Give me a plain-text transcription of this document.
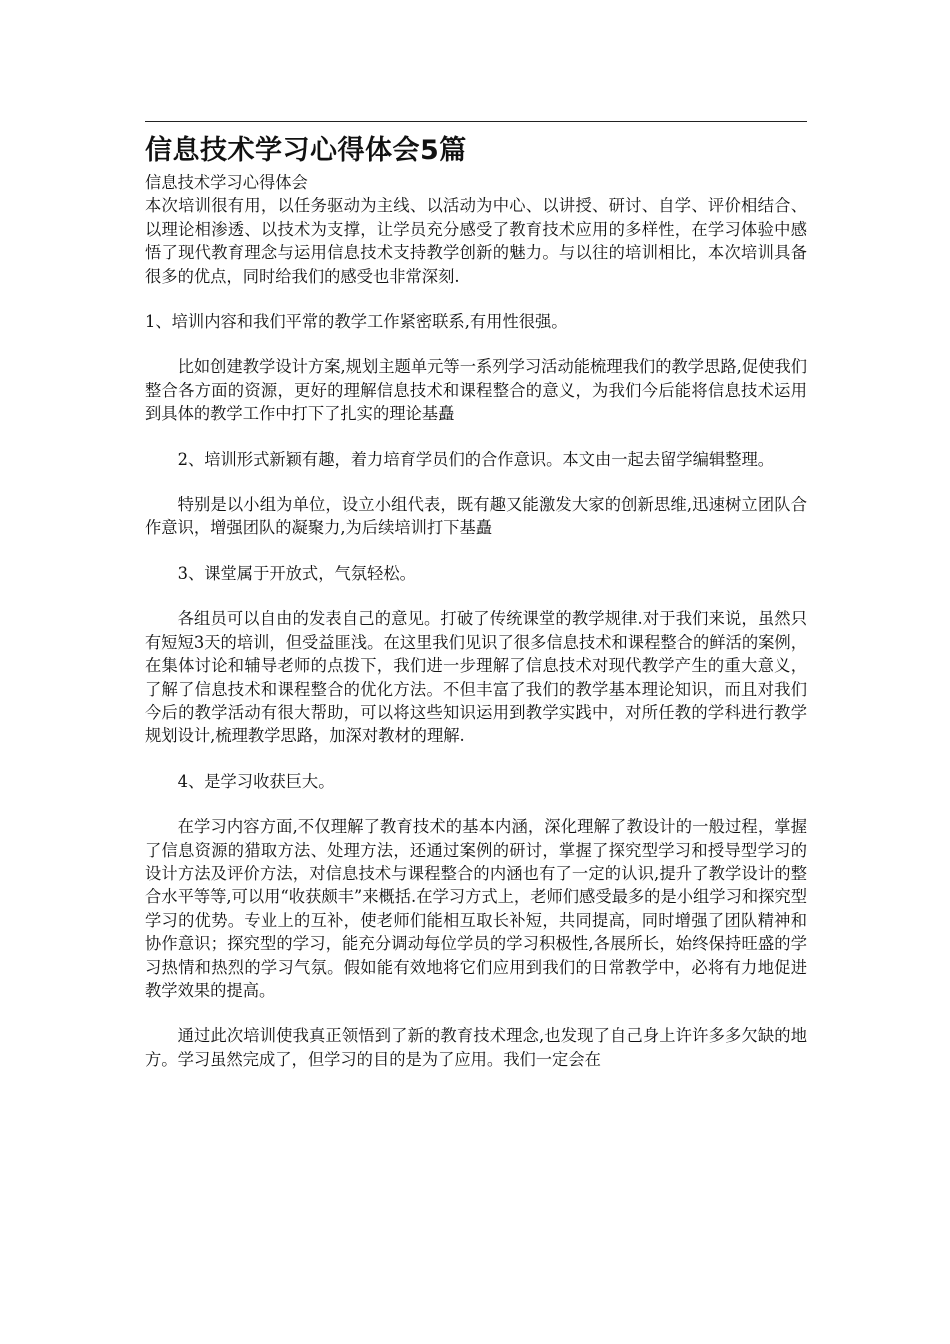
信息技术学习心得体会5篇

信息技术学习心得体会

本次培训很有用，以任务驱动为主线、以活动为中心、以讲授、研讨、自学、评价相结合、以理论相渗透、以技术为支撑，让学员充分感受了教育技术应用的多样性，在学习体验中感悟了现代教育理念与运用信息技术支持教学创新的魅力。与以往的培训相比，本次培训具备很多的优点，同时给我们的感受也非常深刻.

1、培训内容和我们平常的教学工作紧密联系,有用性很强。

比如创建教学设计方案,规划主题单元等一系列学习活动能梳理我们的教学思路,促使我们整合各方面的资源，更好的理解信息技术和课程整合的意义，为我们今后能将信息技术运用到具体的教学工作中打下了扎实的理论基矗

2、培训形式新颖有趣，着力培育学员们的合作意识。本文由一起去留学编辑整理。

特别是以小组为单位，设立小组代表，既有趣又能激发大家的创新思维,迅速树立团队合作意识，增强团队的凝聚力,为后续培训打下基矗

3、课堂属于开放式，气氛轻松。

各组员可以自由的发表自己的意见。打破了传统课堂的教学规律.对于我们来说，虽然只有短短3天的培训，但受益匪浅。在这里我们见识了很多信息技术和课程整合的鲜活的案例，在集体讨论和辅导老师的点拨下，我们进一步理解了信息技术对现代教学产生的重大意义，了解了信息技术和课程整合的优化方法。不但丰富了我们的教学基本理论知识，而且对我们今后的教学活动有很大帮助，可以将这些知识运用到教学实践中，对所任教的学科进行教学规划设计,梳理教学思路，加深对教材的理解.

4、是学习收获巨大。

在学习内容方面,不仅理解了教育技术的基本内涵，深化理解了教设计的一般过程，掌握了信息资源的猎取方法、处理方法，还通过案例的研讨，掌握了探究型学习和授导型学习的设计方法及评价方法，对信息技术与课程整合的内涵也有了一定的认识,提升了教学设计的整合水平等等,可以用“收获颇丰”来概括.在学习方式上，老师们感受最多的是小组学习和探究型学习的优势。专业上的互补，使老师们能相互取长补短，共同提高，同时增强了团队精神和协作意识；探究型的学习，能充分调动每位学员的学习积极性,各展所长，始终保持旺盛的学习热情和热烈的学习气氛。假如能有效地将它们应用到我们的日常教学中，必将有力地促进教学效果的提高。

通过此次培训使我真正领悟到了新的教育技术理念,也发现了自己身上许许多多欠缺的地方。学习虽然完成了，但学习的目的是为了应用。我们一定会在
